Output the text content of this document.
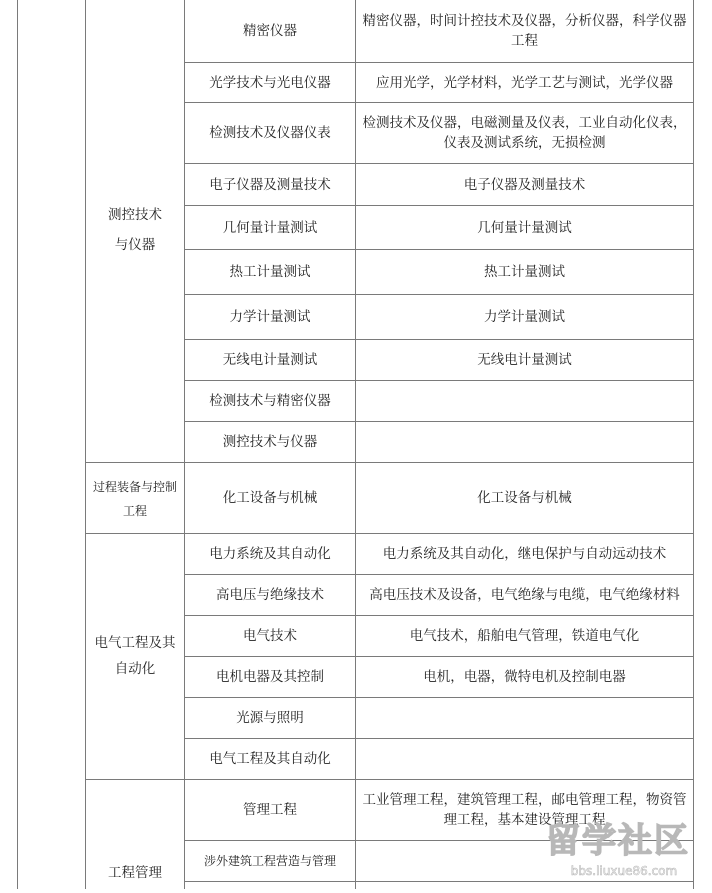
测控技术
与仪器
过程装备与控制
工程
电气工程及其
自动化
工程管理
精密仪器
光学技术与光电仪器
检测技术及仪器仪表
电子仪器及测量技术
几何量计量测试
热工计量测试
力学计量测试
无线电计量测试
检测技术与精密仪器
测控技术与仪器
化工设备与机械
电力系统及其自动化
高电压与绝缘技术
电气技术
电机电器及其控制
光源与照明
电气工程及其自动化
管理工程
涉外建筑工程营造与管理
精密仪器，时间计控技术及仪器，分析仪器，科学仪器工程
应用光学，光学材料，光学工艺与测试，光学仪器
检测技术及仪器，电磁测量及仪表，工业自动化仪表，仪表及测试系统，无损检测
电子仪器及测量技术
几何量计量测试
热工计量测试
力学计量测试
无线电计量测试
化工设备与机械
电力系统及其自动化，继电保护与自动远动技术
高电压技术及设备，电气绝缘与电缆，电气绝缘材料
电气技术，船舶电气管理，铁道电气化
电机，电器，微特电机及控制电器
工业管理工程，建筑管理工程，邮电管理工程，物资管理工程，基本建设管理工程
留学社区
bbs.liuxue86.com
